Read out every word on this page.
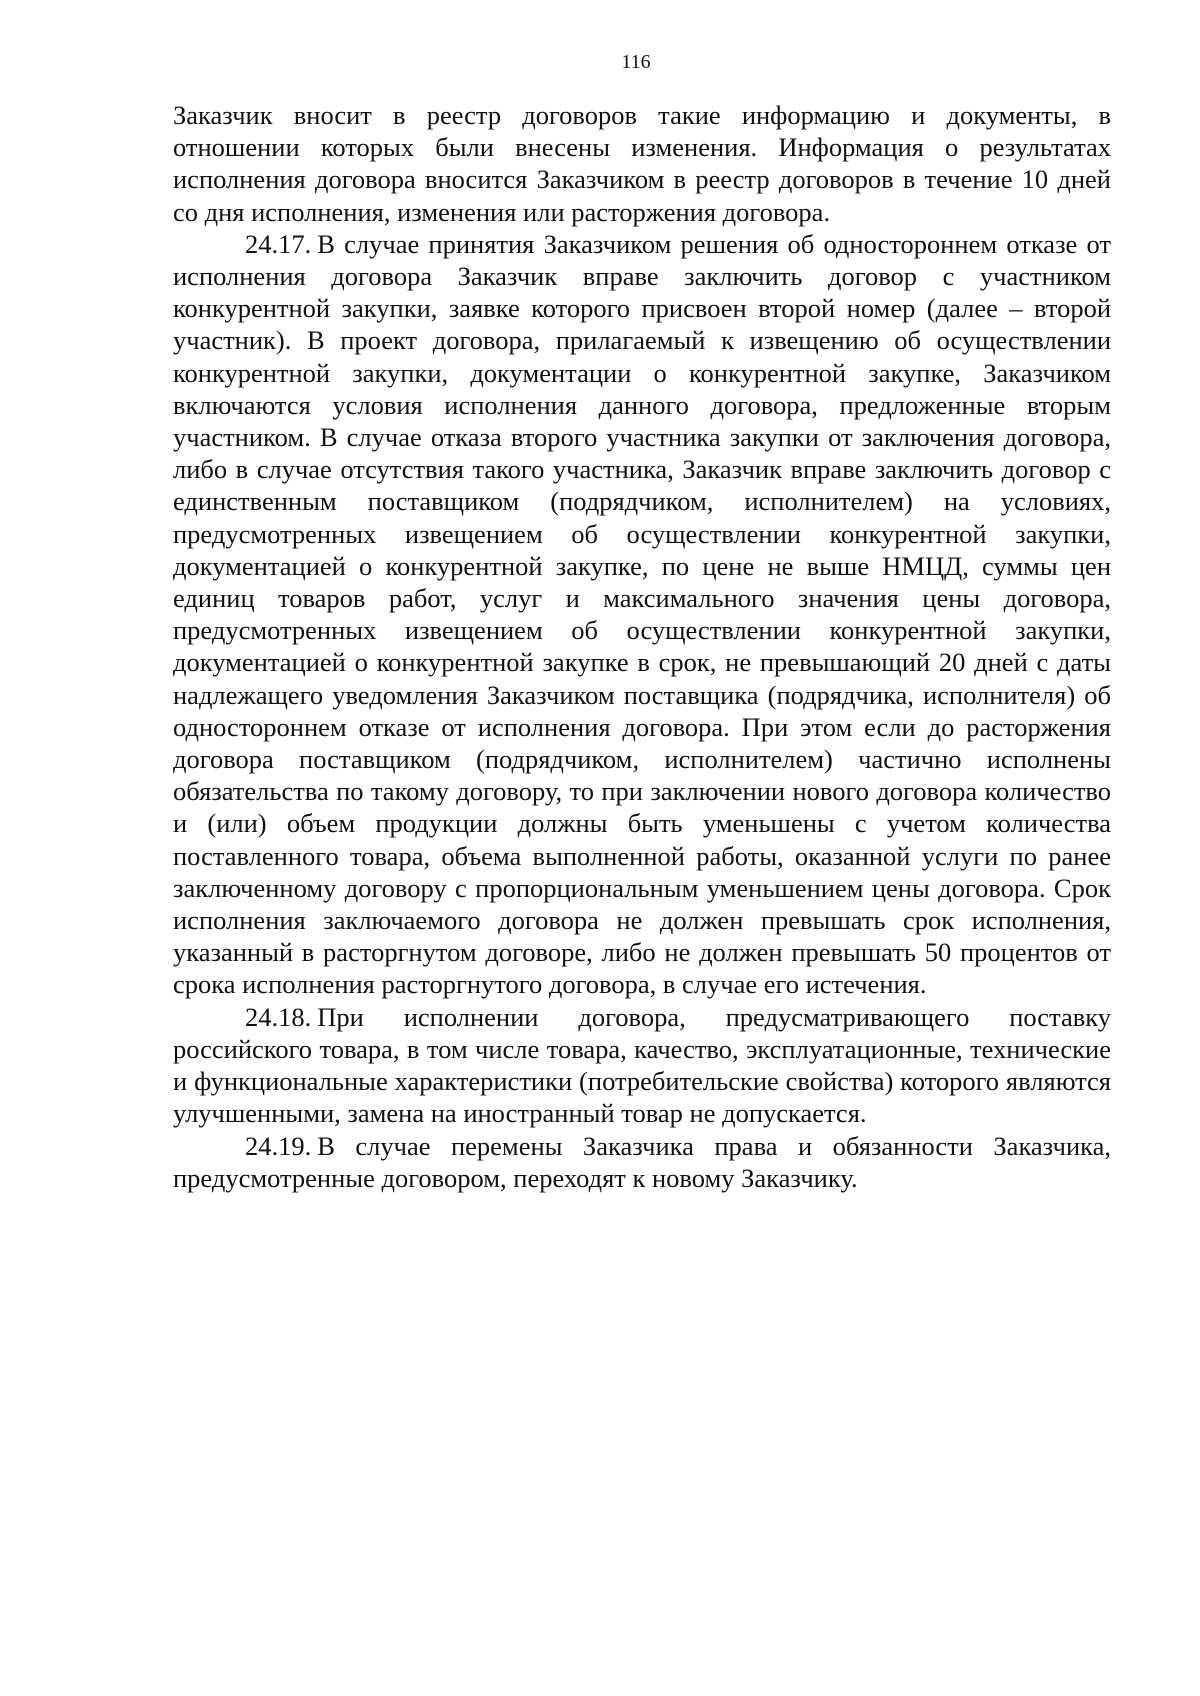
116

Заказчик вносит в реестр договоров такие информацию и документы, в отношении которых были внесены изменения. Информация о результатах исполнения договора вносится Заказчиком в реестр договоров в течение 10 дней со дня исполнения, изменения или расторжения договора.

24.17. В случае принятия Заказчиком решения об одностороннем отказе от исполнения договора Заказчик вправе заключить договор с участником конкурентной закупки, заявке которого присвоен второй номер (далее – второй участник). В проект договора, прилагаемый к извещению об осуществлении конкурентной закупки, документации о конкурентной закупке, Заказчиком включаются условия исполнения данного договора, предложенные вторым участником. В случае отказа второго участника закупки от заключения договора, либо в случае отсутствия такого участника, Заказчик вправе заключить договор с единственным поставщиком (подрядчиком, исполнителем) на условиях, предусмотренных извещением об осуществлении конкурентной закупки, документацией о конкурентной закупке, по цене не выше НМЦД, суммы цен единиц товаров работ, услуг и максимального значения цены договора, предусмотренных извещением об осуществлении конкурентной закупки, документацией о конкурентной закупке в срок, не превышающий 20 дней с даты надлежащего уведомления Заказчиком поставщика (подрядчика, исполнителя) об одностороннем отказе от исполнения договора. При этом если до расторжения договора поставщиком (подрядчиком, исполнителем) частично исполнены обязательства по такому договору, то при заключении нового договора количество и (или) объем продукции должны быть уменьшены с учетом количества поставленного товара, объема выполненной работы, оказанной услуги по ранее заключенному договору с пропорциональным уменьшением цены договора. Срок исполнения заключаемого договора не должен превышать срок исполнения, указанный в расторгнутом договоре, либо не должен превышать 50 процентов от срока исполнения расторгнутого договора, в случае его истечения.

24.18. При исполнении договора, предусматривающего поставку российского товара, в том числе товара, качество, эксплуатационные, технические и функциональные характеристики (потребительские свойства) которого являются улучшенными, замена на иностранный товар не допускается.

24.19. В случае перемены Заказчика права и обязанности Заказчика, предусмотренные договором, переходят к новому Заказчику.
